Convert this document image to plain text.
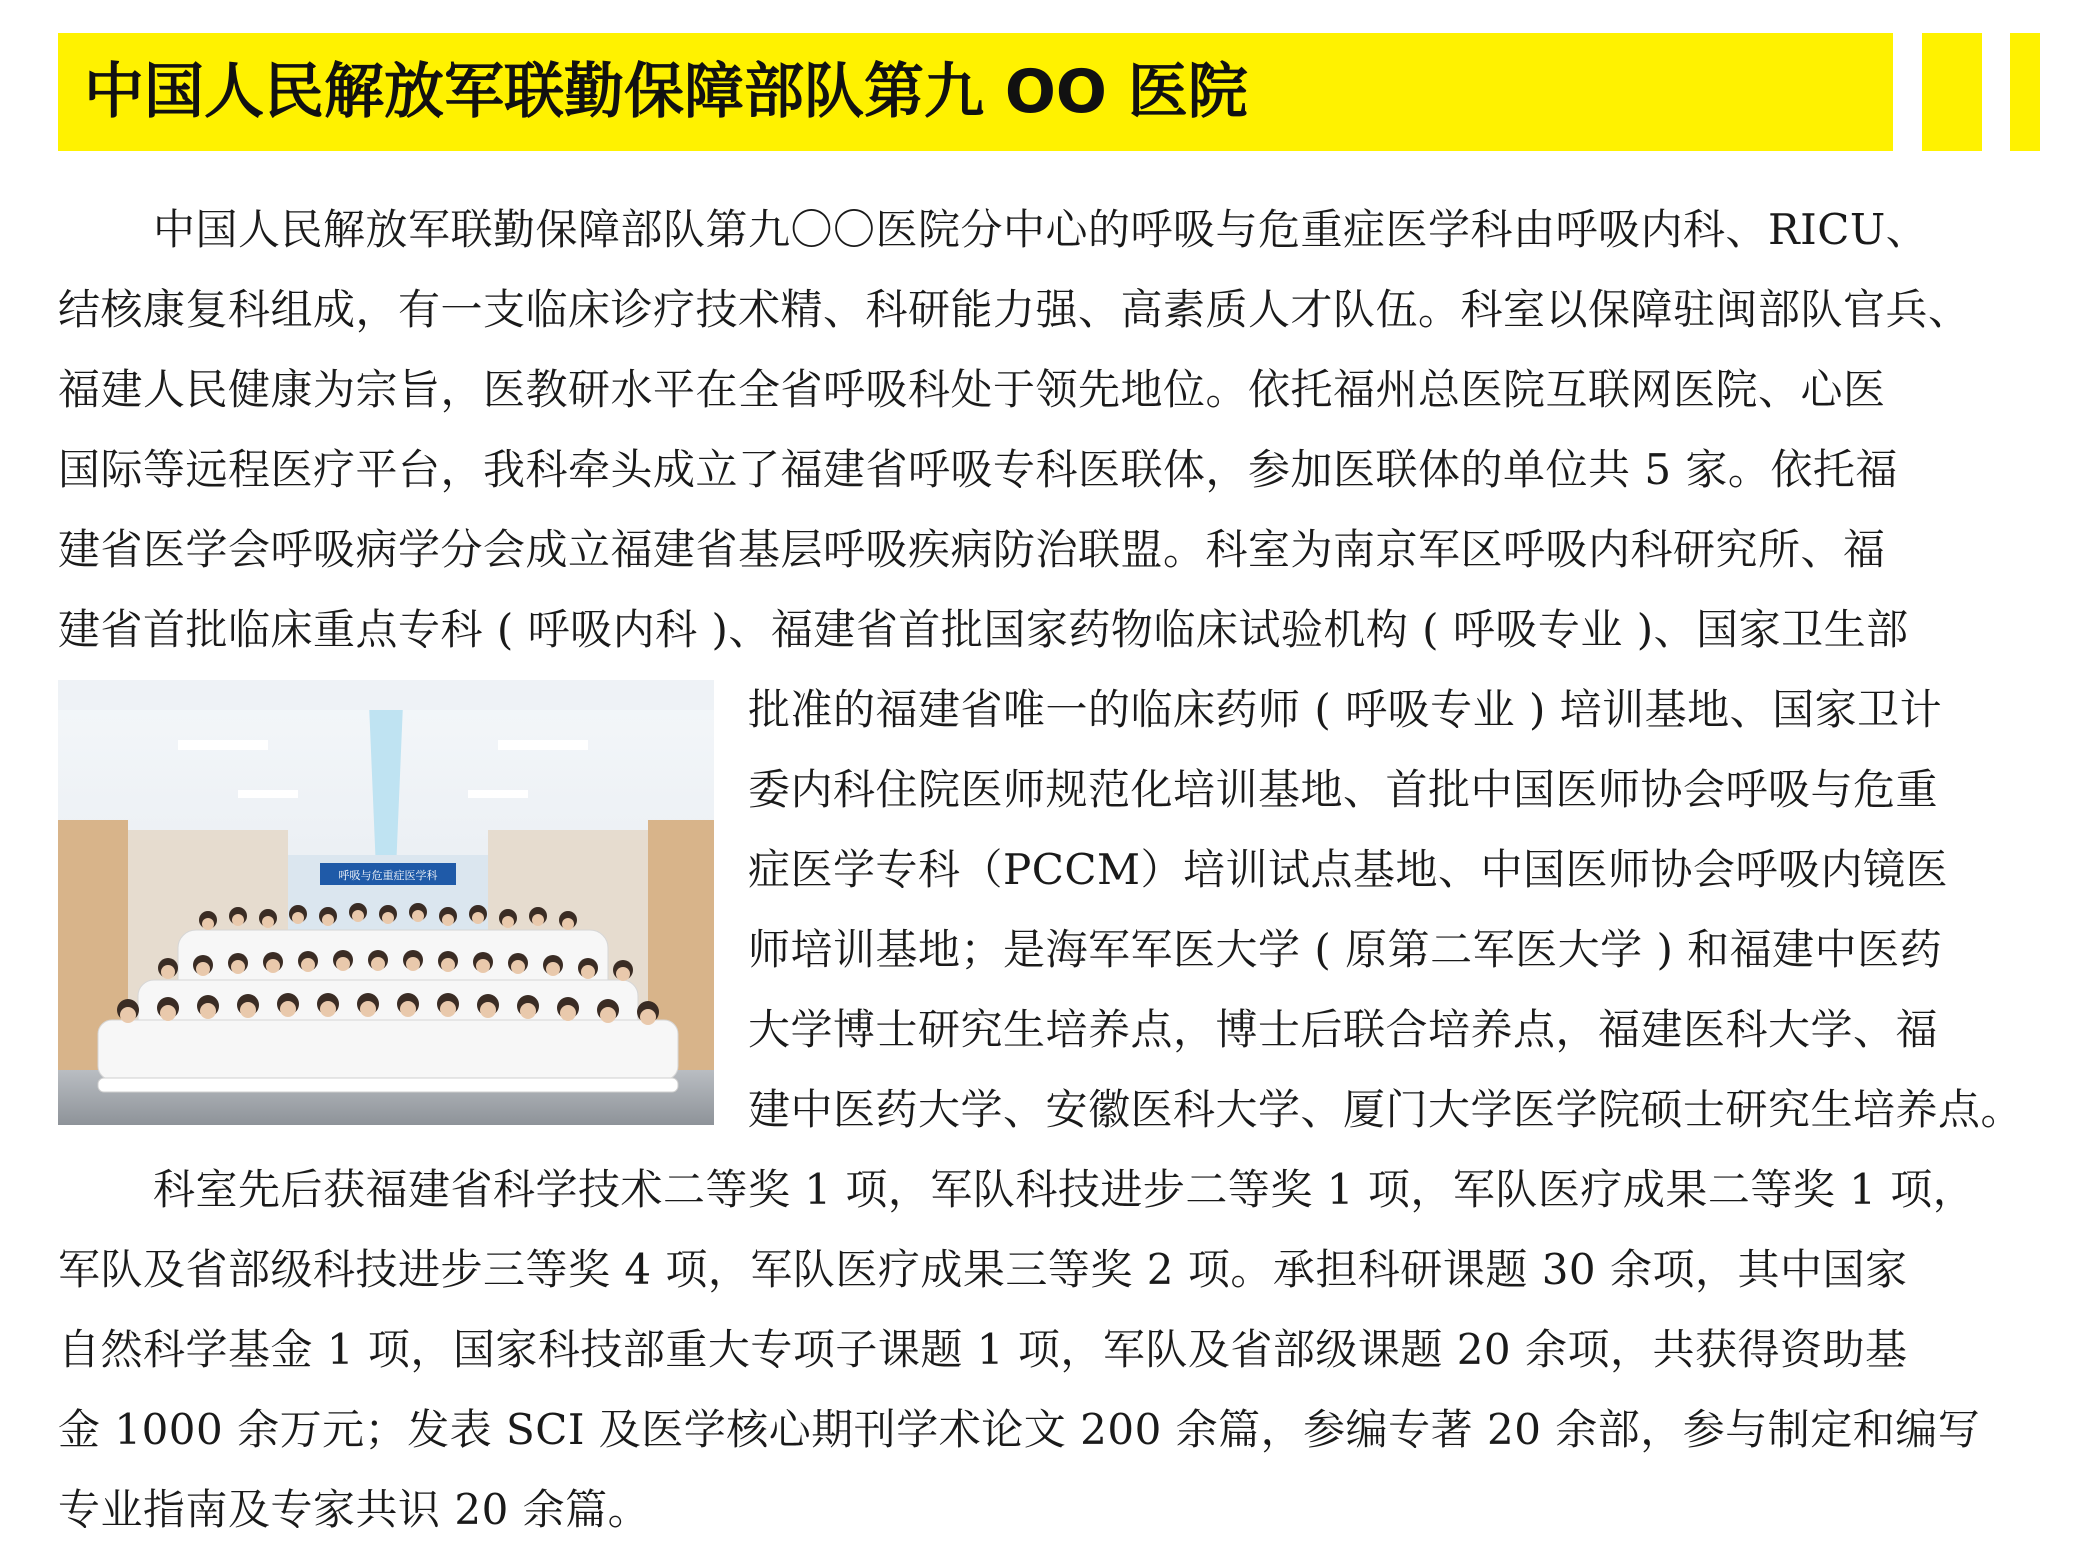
中国人民解放军联勤保障部队第九 OO 医院
中国人民解放军联勤保障部队第九〇〇医院分中心的呼吸与危重症医学科由呼吸内科、RICU、
结核康复科组成，有一支临床诊疗技术精、科研能力强、高素质人才队伍。科室以保障驻闽部队官兵、
福建人民健康为宗旨，医教研水平在全省呼吸科处于领先地位。依托福州总医院互联网医院、心医
国际等远程医疗平台，我科牵头成立了福建省呼吸专科医联体，参加医联体的单位共 5 家。依托福
建省医学会呼吸病学分会成立福建省基层呼吸疾病防治联盟。科室为南京军区呼吸内科研究所、福
建省首批临床重点专科 ( 呼吸内科 )、福建省首批国家药物临床试验机构 ( 呼吸专业 )、国家卫生部
批准的福建省唯一的临床药师 ( 呼吸专业 ) 培训基地、国家卫计
委内科住院医师规范化培训基地、首批中国医师协会呼吸与危重
症医学专科（PCCM）培训试点基地、中国医师协会呼吸内镜医
师培训基地；是海军军医大学 ( 原第二军医大学 ) 和福建中医药
大学博士研究生培养点，博士后联合培养点，福建医科大学、福
建中医药大学、安徽医科大学、厦门大学医学院硕士研究生培养点。
呼吸与危重症医学科
科室先后获福建省科学技术二等奖 1 项，军队科技进步二等奖 1 项，军队医疗成果二等奖 1 项，
军队及省部级科技进步三等奖 4 项，军队医疗成果三等奖 2 项。承担科研课题 30 余项，其中国家
自然科学基金 1 项，国家科技部重大专项子课题 1 项，军队及省部级课题 20 余项，共获得资助基
金 1000 余万元；发表 SCI 及医学核心期刊学术论文 200 余篇，参编专著 20 余部，参与制定和编写
专业指南及专家共识 20 余篇。
